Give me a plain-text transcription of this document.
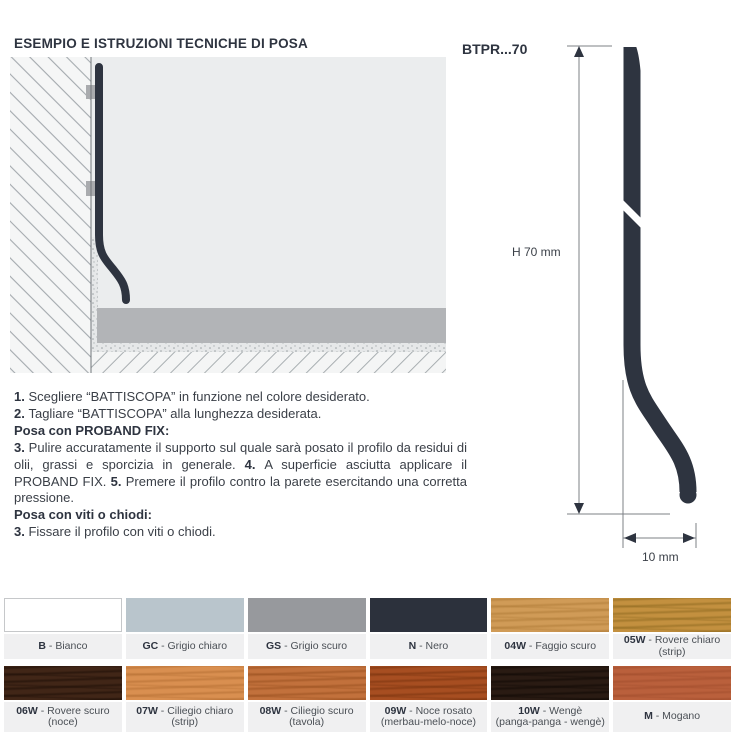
ESEMPIO E ISTRUZIONI TECNICHE DI POSA
1. Scegliere “BATTISCOPA” in funzione nel colore desiderato.
2. Tagliare “BATTISCOPA” alla lunghezza desiderata.
Posa con PROBAND FIX:
3. Pulire accuratamente il supporto sul quale sarà posato il profilo da residui di olii, grassi e sporcizia in generale. 4. A superficie asciutta applicare il PROBAND FIX. 5. Premere il profilo contro la parete esercitando una corretta pressione.
Posa con viti o chiodi:
3. Fissare il profilo con viti o chiodi.
BTPR...70
H 70 mm
10 mm
B - Bianco	GC - Grigio chiaro	GS - Grigio scuro	N - Nero	04W - Faggio scuro	05W - Rovere chiaro
(strip)
06W - Rovere scuro
(noce)
07W - Ciliegio chiaro
(strip)
08W - Ciliegio scuro
(tavola)
09W - Noce rosato
(merbau-melo-noce)
10W - Wengè
(panga-panga - wengè)	M - Mogano
